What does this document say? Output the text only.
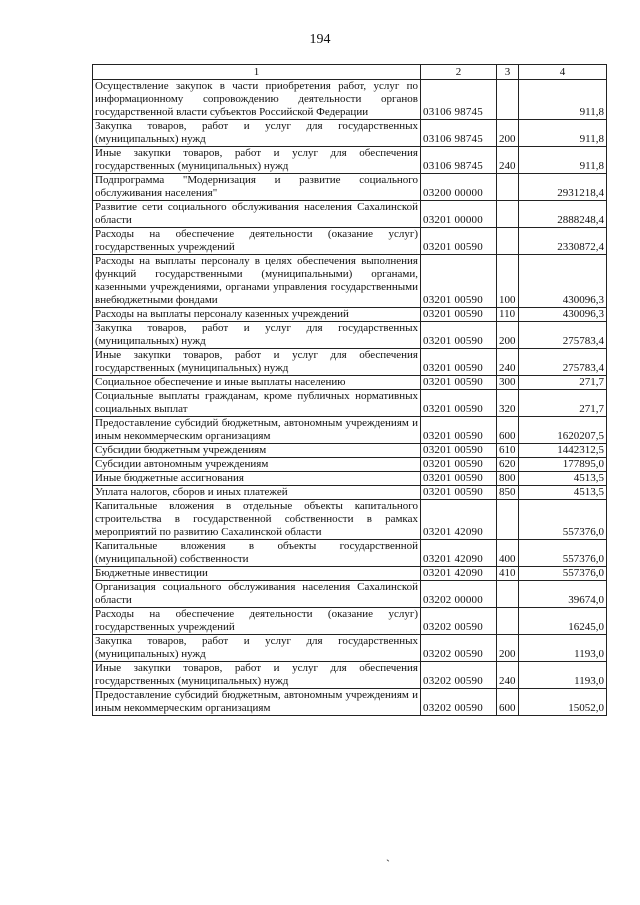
194
1	2	3	4
Осуществление закупок в части приобретения работ, услуг по информационному сопровождению деятельности органов государственной власти субъектов Российской Федерации	03106 98745		911,8
Закупка товаров, работ и услуг для государственных (муниципальных) нужд	03106 98745	200	911,8
Иные закупки товаров, работ и услуг для обеспечения государственных (муниципальных) нужд	03106 98745	240	911,8
Подпрограмма "Модернизация и развитие социального обслуживания населения"	03200 00000		2931218,4
Развитие сети социального обслуживания населения Сахалинской области	03201 00000		2888248,4
Расходы на обеспечение деятельности (оказание услуг) государственных учреждений	03201 00590		2330872,4
Расходы на выплаты персоналу в целях обеспечения выполнения функций государственными (муниципальными) органами, казенными учреждениями, органами управления государственными внебюджетными фондами	03201 00590	100	430096,3
Расходы на выплаты персоналу казенных учреждений	03201 00590	110	430096,3
Закупка товаров, работ и услуг для государственных (муниципальных) нужд	03201 00590	200	275783,4
Иные закупки товаров, работ и услуг для обеспечения государственных (муниципальных) нужд	03201 00590	240	275783,4
Социальное обеспечение и иные выплаты населению	03201 00590	300	271,7
Социальные выплаты гражданам, кроме публичных нормативных социальных выплат	03201 00590	320	271,7
Предоставление субсидий бюджетным, автономным учреждениям и иным некоммерческим организациям	03201 00590	600	1620207,5
Субсидии бюджетным учреждениям	03201 00590	610	1442312,5
Субсидии автономным учреждениям	03201 00590	620	177895,0
Иные бюджетные ассигнования	03201 00590	800	4513,5
Уплата налогов, сборов и иных платежей	03201 00590	850	4513,5
Капитальные вложения в отдельные объекты капитального строительства в государственной собственности в рамках мероприятий по развитию Сахалинской области	03201 42090		557376,0
Капитальные вложения в объекты государственной (муниципальной) собственности	03201 42090	400	557376,0
Бюджетные инвестиции	03201 42090	410	557376,0
Организация социального обслуживания населения Сахалинской области	03202 00000		39674,0
Расходы на обеспечение деятельности (оказание услуг) государственных учреждений	03202 00590		16245,0
Закупка товаров, работ и услуг для государственных (муниципальных) нужд	03202 00590	200	1193,0
Иные закупки товаров, работ и услуг для обеспечения государственных (муниципальных) нужд	03202 00590	240	1193,0
Предоставление субсидий бюджетным, автономным учреждениям и иным некоммерческим организациям	03202 00590	600	15052,0
ˏ
